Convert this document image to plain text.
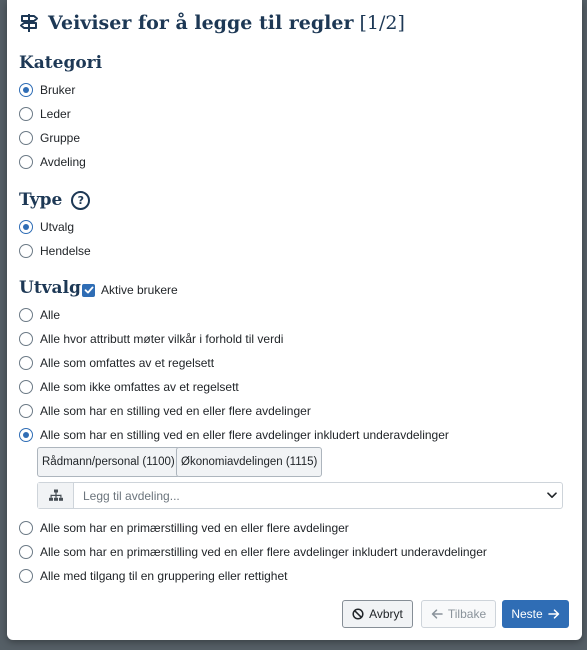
Veiviser for å legge til regler [1/2]
Kategori
Bruker
Leder
Gruppe
Avdeling
Type	?
Utvalg
Hendelse
Utvalg Aktive brukere
Alle
Alle hvor attributt møter vilkår i forhold til verdi
Alle som omfattes av et regelsett
Alle som ikke omfattes av et regelsett
Alle som har en stilling ved en eller flere avdelinger
Alle som har en stilling ved en eller flere avdelinger inkludert underavdelinger
Rådmann/personal (1100) Økonomiavdelingen (1115)
Legg til avdeling...
Alle som har en primærstilling ved en eller flere avdelinger
Alle som har en primærstilling ved en eller flere avdelinger inkludert underavdelinger
Alle med tilgang til en gruppering eller rettighet
Avbryt	Tilbake Neste
